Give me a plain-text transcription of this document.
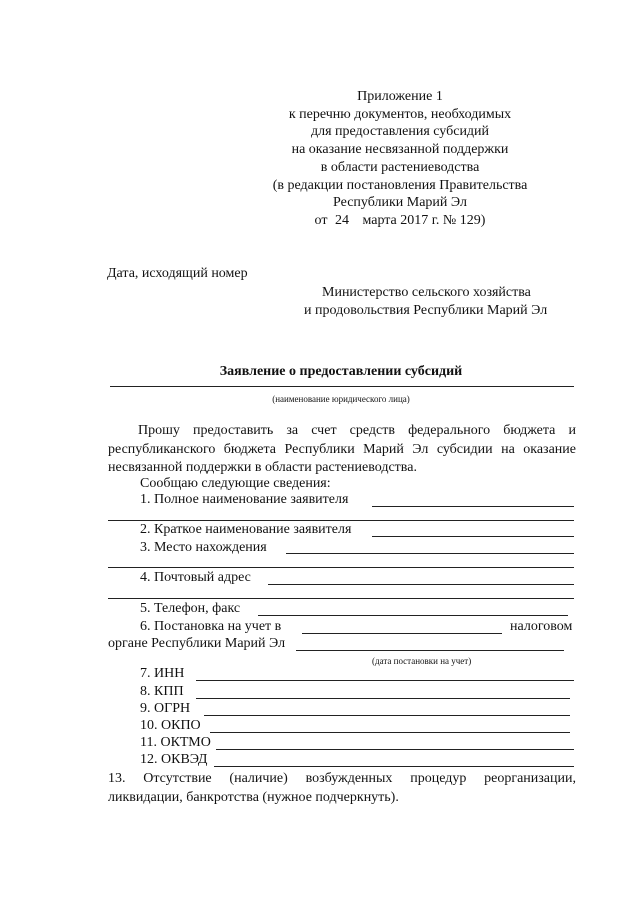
Приложение 1
к перечню документов, необходимых
для предоставления субсидий
на оказание несвязанной поддержки
в области растениеводства
(в редакции постановления Правительства
Республики Марий Эл
от 24 марта 2017 г. № 129)
Дата, исходящий номер
Министерство сельского хозяйства
и продовольствия Республики Марий Эл
Заявление о предоставлении субсидий
(наименование юридического лица)
Прошу предоставить за счет средств федерального бюджета и республиканского бюджета Республики Марий Эл субсидии на оказание несвязанной поддержки в области растениеводства.
Сообщаю следующие сведения:
1. Полное наименование заявителя
2. Краткое наименование заявителя
3. Место нахождения
4. Почтовый адрес
5. Телефон, факс
6. Постановка на учет в	налоговом
органе Республики Марий Эл
(дата постановки на учет)
7. ИНН
8. КПП
9. ОГРН
10. ОКПО
11. ОКТМО
12. ОКВЭД
13. Отсутствие (наличие) возбужденных процедур реорганизации, ликвидации, банкротства (нужное подчеркнуть).
